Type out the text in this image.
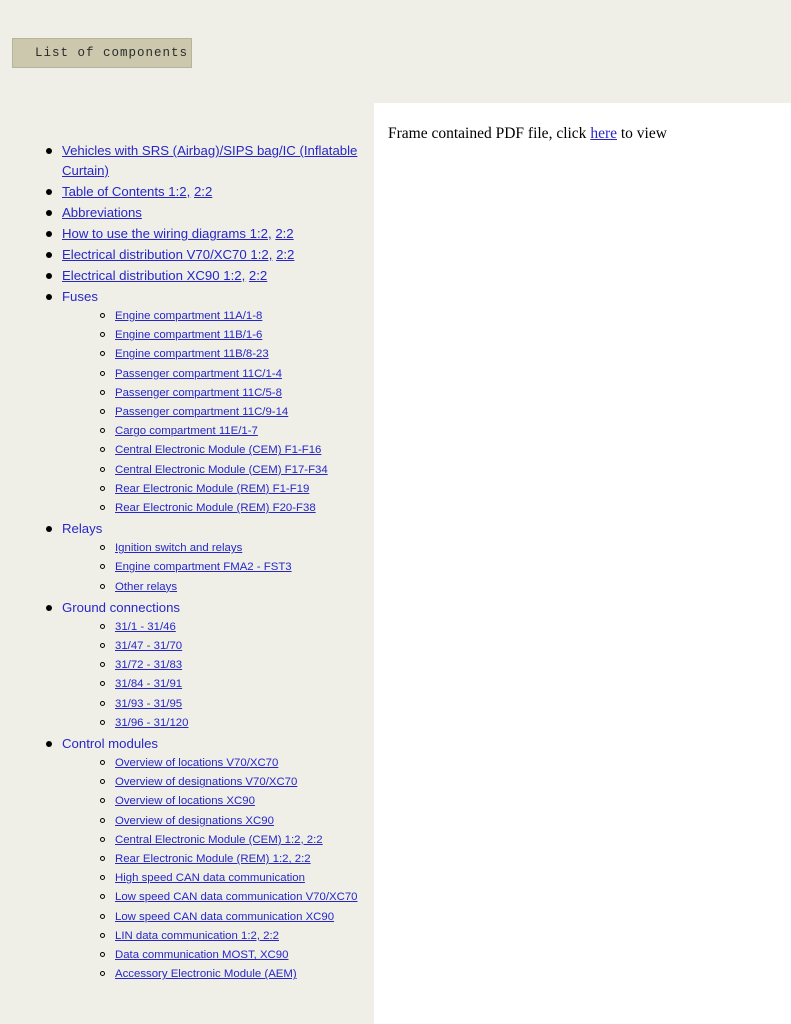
List of components
Vehicles with SRS (Airbag)/SIPS bag/IC (Inflatable Curtain)
Table of Contents 1:2, 2:2
Abbreviations
How to use the wiring diagrams 1:2, 2:2
Electrical distribution V70/XC70 1:2, 2:2
Electrical distribution XC90 1:2, 2:2
Fuses
Engine compartment 11A/1-8
Engine compartment 11B/1-6
Engine compartment 11B/8-23
Passenger compartment 11C/1-4
Passenger compartment 11C/5-8
Passenger compartment 11C/9-14
Cargo compartment 11E/1-7
Central Electronic Module (CEM) F1-F16
Central Electronic Module (CEM) F17-F34
Rear Electronic Module (REM) F1-F19
Rear Electronic Module (REM) F20-F38
Relays
Ignition switch and relays
Engine compartment FMA2 - FST3
Other relays
Ground connections
31/1 - 31/46
31/47 - 31/70
31/72 - 31/83
31/84 - 31/91
31/93 - 31/95
31/96 - 31/120
Control modules
Overview of locations V70/XC70
Overview of designations V70/XC70
Overview of locations XC90
Overview of designations XC90
Central Electronic Module (CEM) 1:2, 2:2
Rear Electronic Module (REM) 1:2, 2:2
High speed CAN data communication
Low speed CAN data communication V70/XC70
Low speed CAN data communication XC90
LIN data communication 1:2, 2:2
Data communication MOST, XC90
Accessory Electronic Module (AEM)
Frame contained PDF file, click here to view
